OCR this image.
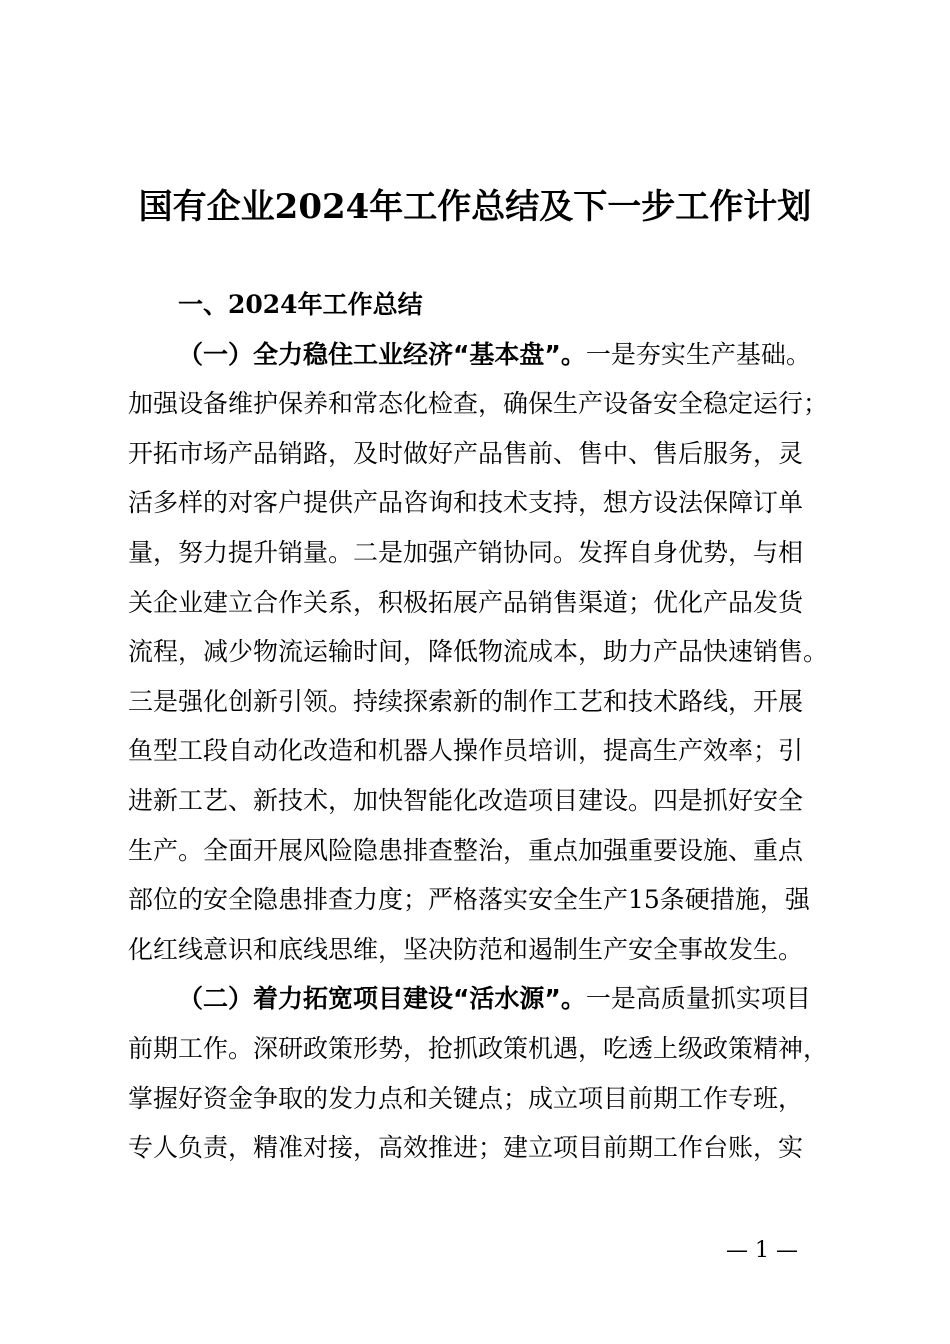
国有企业2024年工作总结及下一步工作计划
一、2024年工作总结
（一）全力稳住工业经济“基本盘”。一是夯实生产基础。
加强设备维护保养和常态化检查，确保生产设备安全稳定运行；
开拓市场产品销路，及时做好产品售前、售中、售后服务，灵
活多样的对客户提供产品咨询和技术支持，想方设法保障订单
量，努力提升销量。二是加强产销协同。发挥自身优势，与相
关企业建立合作关系，积极拓展产品销售渠道；优化产品发货
流程，减少物流运输时间，降低物流成本，助力产品快速销售。
三是强化创新引领。持续探索新的制作工艺和技术路线，开展
鱼型工段自动化改造和机器人操作员培训，提高生产效率；引
进新工艺、新技术，加快智能化改造项目建设。四是抓好安全
生产。全面开展风险隐患排查整治，重点加强重要设施、重点
部位的安全隐患排查力度；严格落实安全生产15条硬措施，强
化红线意识和底线思维，坚决防范和遏制生产安全事故发生。
（二）着力拓宽项目建设“活水源”。一是高质量抓实项目
前期工作。深研政策形势，抢抓政策机遇，吃透上级政策精神，
掌握好资金争取的发力点和关键点；成立项目前期工作专班，
专人负责，精准对接，高效推进；建立项目前期工作台账，实
— 1 —
